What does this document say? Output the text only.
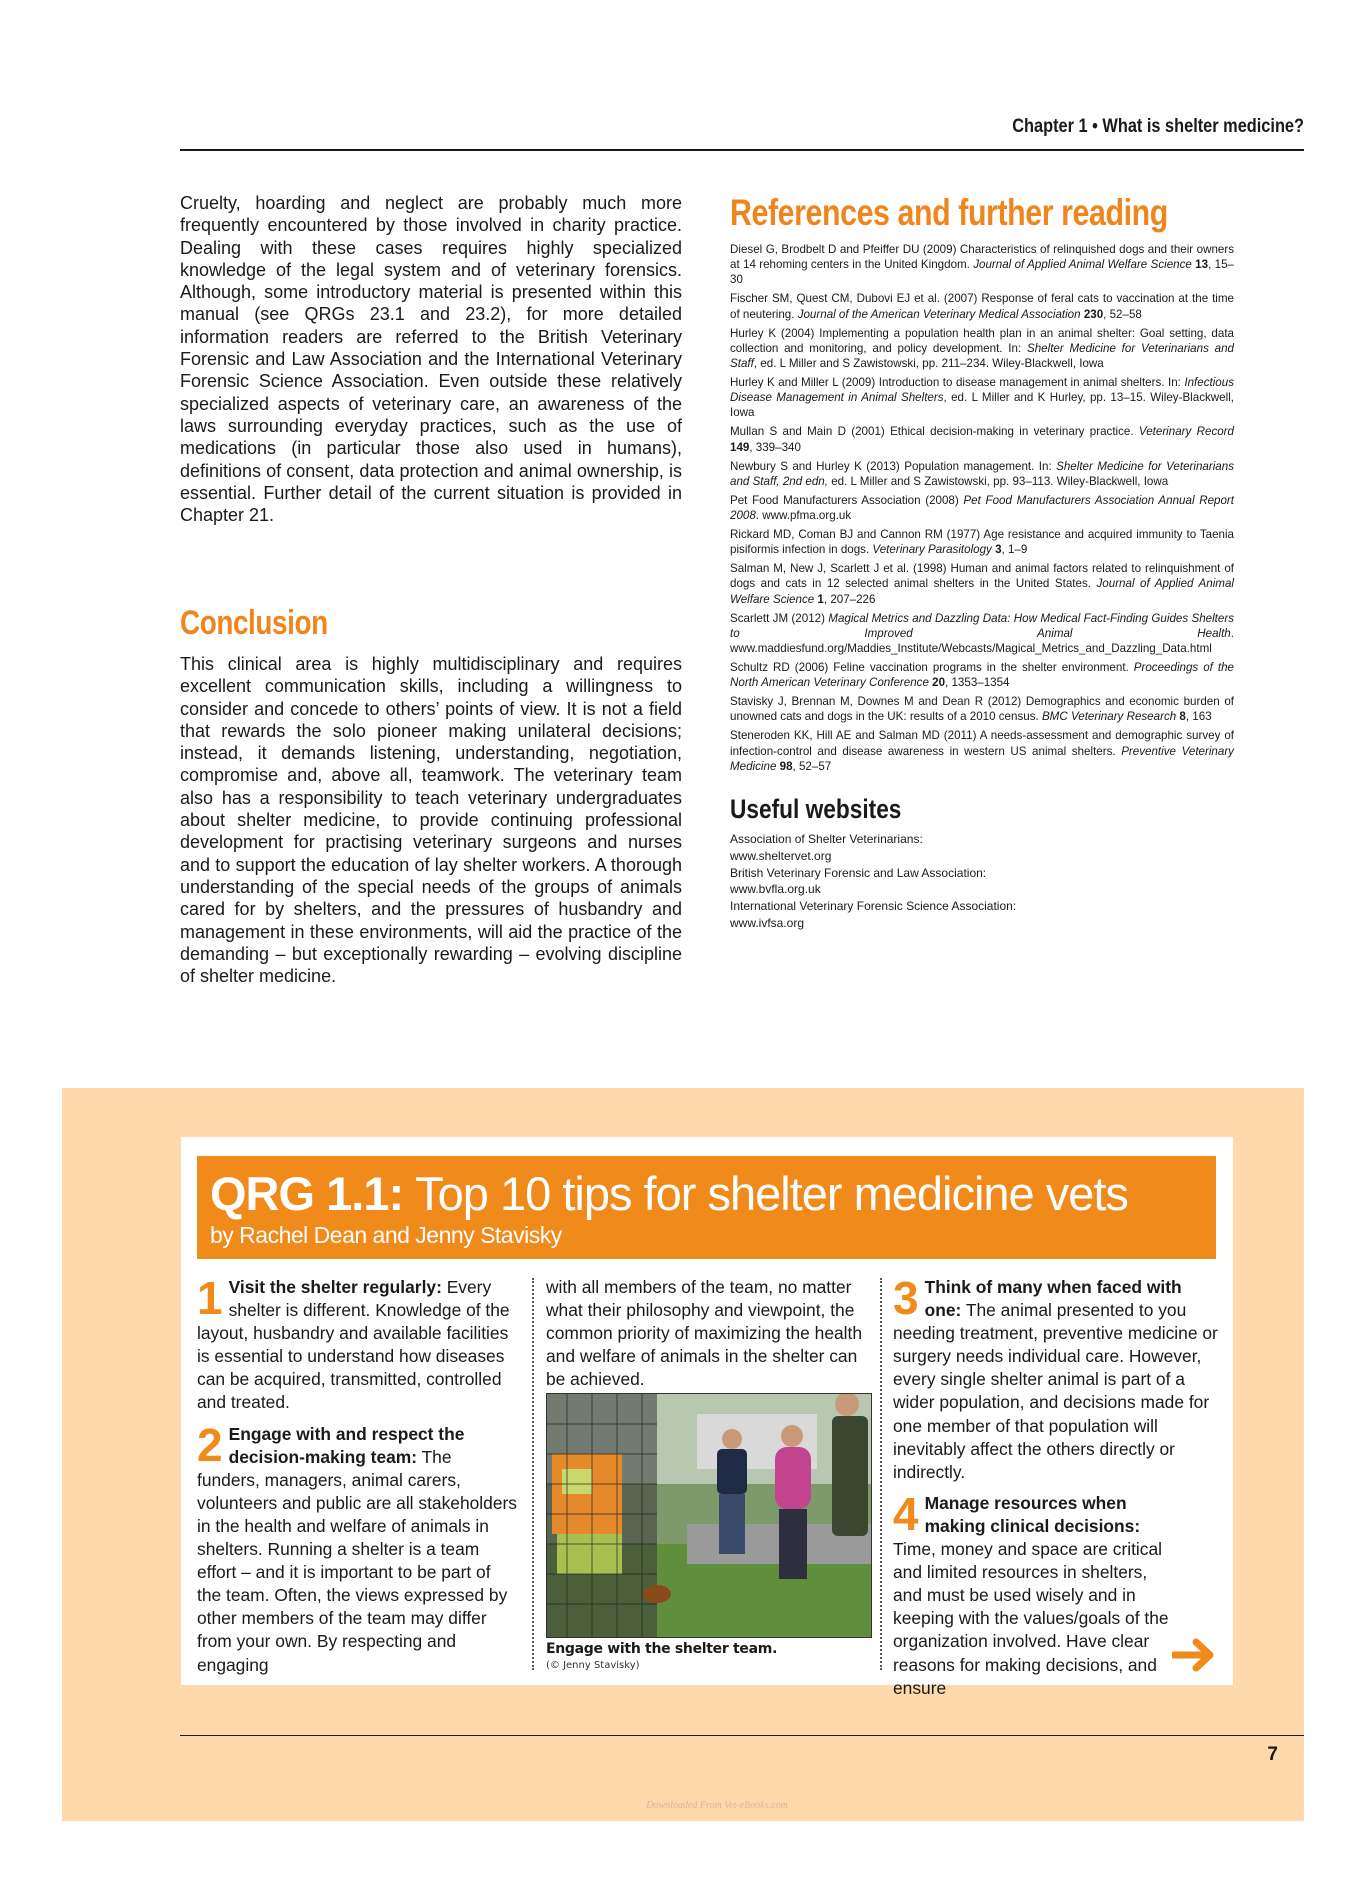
Chapter 1 • What is shelter medicine?

Cruelty, hoarding and neglect are probably much more frequently encountered by those involved in charity practice. Dealing with these cases requires highly specialized knowledge of the legal system and of veterinary forensics. Although, some introductory material is presented within this manual (see QRGs 23.1 and 23.2), for more detailed information readers are referred to the British Veterinary Forensic and Law Association and the International Veterinary Forensic Science Association. Even outside these relatively specialized aspects of veterinary care, an awareness of the laws surrounding everyday practices, such as the use of medications (in particular those also used in humans), definitions of consent, data protection and animal ownership, is essential. Further detail of the current situation is provided in Chapter 21.

Conclusion

This clinical area is highly multidisciplinary and requires excellent communication skills, including a willingness to consider and concede to others’ points of view. It is not a field that rewards the solo pioneer making unilateral decisions; instead, it demands listening, understanding, negotiation, compromise and, above all, teamwork. The veterinary team also has a responsibility to teach veterinary undergraduates about shelter medicine, to provide continuing professional development for practising veterinary surgeons and nurses and to support the education of lay shelter workers. A thorough understanding of the special needs of the groups of animals cared for by shelters, and the pressures of husbandry and management in these environments, will aid the practice of the demanding – but exceptionally rewarding – evolving discipline of shelter medicine.

References and further reading
Diesel G, Brodbelt D and Pfeiffer DU (2009) Characteristics of relinquished dogs and their owners at 14 rehoming centers in the United Kingdom. Journal of Applied Animal Welfare Science 13, 15–30
Fischer SM, Quest CM, Dubovi EJ et al. (2007) Response of feral cats to vaccination at the time of neutering. Journal of the American Veterinary Medical Association 230, 52–58
Hurley K (2004) Implementing a population health plan in an animal shelter: Goal setting, data collection and monitoring, and policy development. In: Shelter Medicine for Veterinarians and Staff, ed. L Miller and S Zawistowski, pp. 211–234. Wiley-Blackwell, Iowa
Hurley K and Miller L (2009) Introduction to disease management in animal shelters. In: Infectious Disease Management in Animal Shelters, ed. L Miller and K Hurley, pp. 13–15. Wiley-Blackwell, Iowa
Mullan S and Main D (2001) Ethical decision-making in veterinary practice. Veterinary Record 149, 339–340
Newbury S and Hurley K (2013) Population management. In: Shelter Medicine for Veterinarians and Staff, 2nd edn, ed. L Miller and S Zawistowski, pp. 93–113. Wiley-Blackwell, Iowa
Pet Food Manufacturers Association (2008) Pet Food Manufacturers Association Annual Report 2008. www.pfma.org.uk
Rickard MD, Coman BJ and Cannon RM (1977) Age resistance and acquired immunity to Taenia pisiformis infection in dogs. Veterinary Parasitology 3, 1–9
Salman M, New J, Scarlett J et al. (1998) Human and animal factors related to relinquishment of dogs and cats in 12 selected animal shelters in the United States. Journal of Applied Animal Welfare Science 1, 207–226
Scarlett JM (2012) Magical Metrics and Dazzling Data: How Medical Fact-Finding Guides Shelters to Improved Animal Health. www.maddiesfund.org/Maddies_Institute/Webcasts/Magical_Metrics_and_Dazzling_Data.html
Schultz RD (2006) Feline vaccination programs in the shelter environment. Proceedings of the North American Veterinary Conference 20, 1353–1354
Stavisky J, Brennan M, Downes M and Dean R (2012) Demographics and economic burden of unowned cats and dogs in the UK: results of a 2010 census. BMC Veterinary Research 8, 163
Steneroden KK, Hill AE and Salman MD (2011) A needs-assessment and demographic survey of infection-control and disease awareness in western US animal shelters. Preventive Veterinary Medicine 98, 52–57
Useful websites

Association of Shelter Veterinarians:

www.sheltervet.org

British Veterinary Forensic and Law Association:

www.bvfla.org.uk

International Veterinary Forensic Science Association:

www.ivfsa.org

QRG 1.1: Top 10 tips for shelter medicine vets
by Rachel Dean and Jenny Stavisky
1 Visit the shelter regularly: Every shelter is different. Knowledge of the layout, husbandry and available facilities is essential to understand how diseases can be acquired, transmitted, controlled and treated.
2 Engage with and respect the decision-making team: The funders, managers, animal carers, volunteers and public are all stakeholders in the health and welfare of animals in shelters. Running a shelter is a team effort – and it is important to be part of the team. Often, the views expressed by other members of the team may differ from your own. By respecting and engaging

with all members of the team, no matter what their philosophy and viewpoint, the common priority of maximizing the health and welfare of animals in the shelter can be achieved.

Engage with the shelter team.
(© Jenny Stavisky)
3 Think of many when faced with one: The animal presented to you needing treatment, preventive medicine or surgery needs individual care. However, every single shelter animal is part of a wider population, and decisions made for one member of that population will inevitably affect the others directly or indirectly.
4 Manage resources when making clinical decisions: Time, money and space are critical and limited resources in shelters, and must be used wisely and in keeping with the values/goals of the organization involved. Have clear reasons for making decisions, and ensure
7
Downloaded From Vet-eBooks.com
